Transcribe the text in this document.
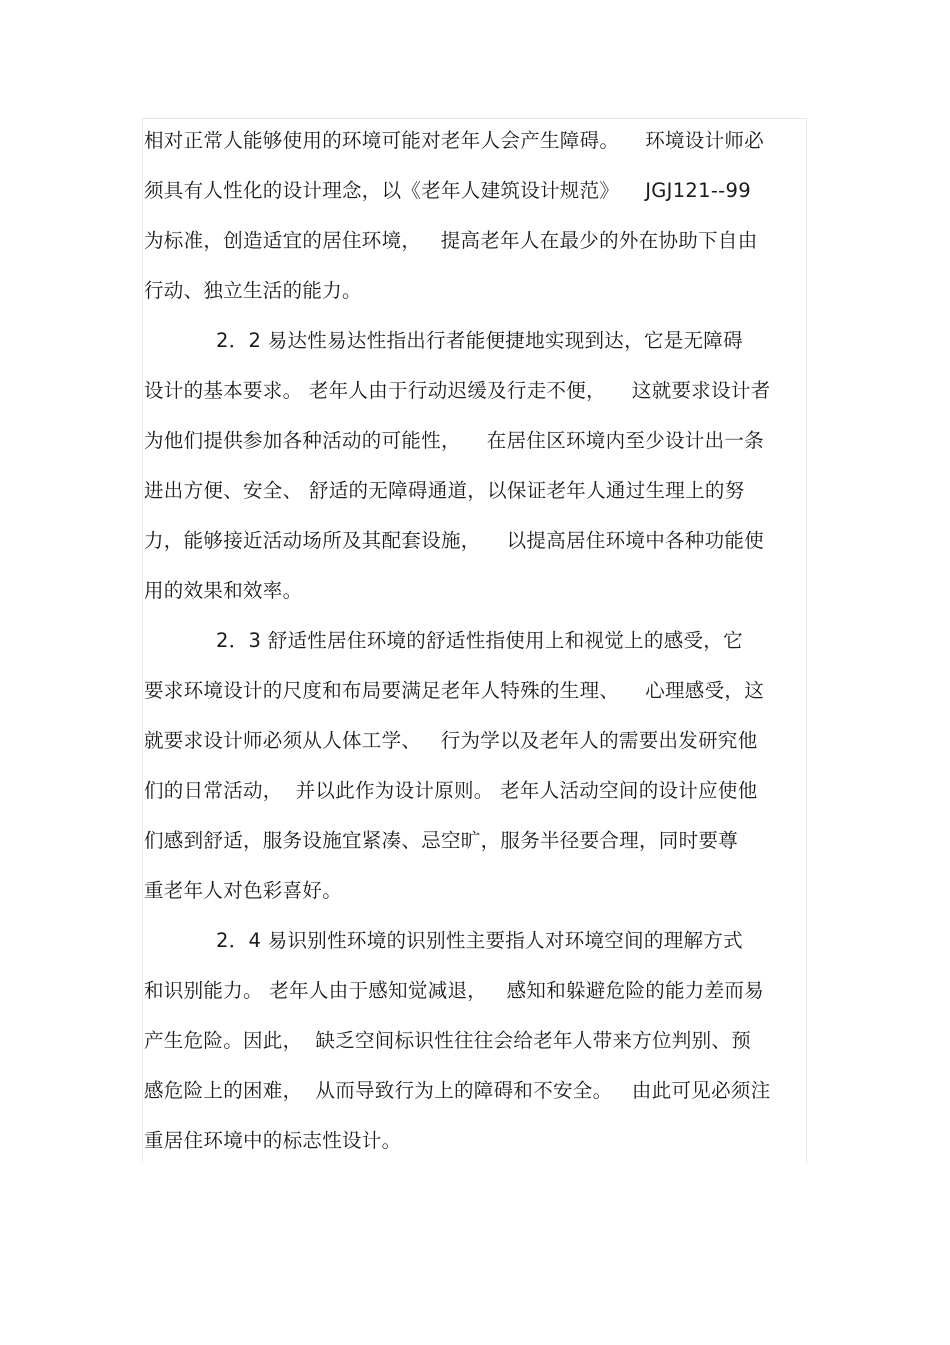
相对正常人能够使用的环境可能对老年人会产生障碍。    环境设计师必
须具有人性化的设计理念，以《老年人建筑设计规范》    JGJ121--99
为标准，创造适宜的居住环境，   提高老年人在最少的外在协助下自由
行动、独立生活的能力。
2．2 易达性易达性指出行者能便捷地实现到达，它是无障碍
设计的基本要求。 老年人由于行动迟缓及行走不便，    这就要求设计者
为他们提供参加各种活动的可能性，    在居住区环境内至少设计出一条
进出方便、安全、 舒适的无障碍通道，以保证老年人通过生理上的努
力，能够接近活动场所及其配套设施，    以提高居住环境中各种功能使
用的效果和效率。
2．3 舒适性居住环境的舒适性指使用上和视觉上的感受，它
要求环境设计的尺度和布局要满足老年人特殊的生理、    心理感受，这
就要求设计师必须从人体工学、   行为学以及老年人的需要出发研究他
们的日常活动，  并以此作为设计原则。 老年人活动空间的设计应使他
们感到舒适，服务设施宜紧凑、忌空旷，服务半径要合理，同时要尊
重老年人对色彩喜好。
2．4 易识别性环境的识别性主要指人对环境空间的理解方式
和识别能力。 老年人由于感知觉减退，   感知和躲避危险的能力差而易
产生危险。因此，  缺乏空间标识性往往会给老年人带来方位判别、预
感危险上的困难，  从而导致行为上的障碍和不安全。   由此可见必须注
重居住环境中的标志性设计。
